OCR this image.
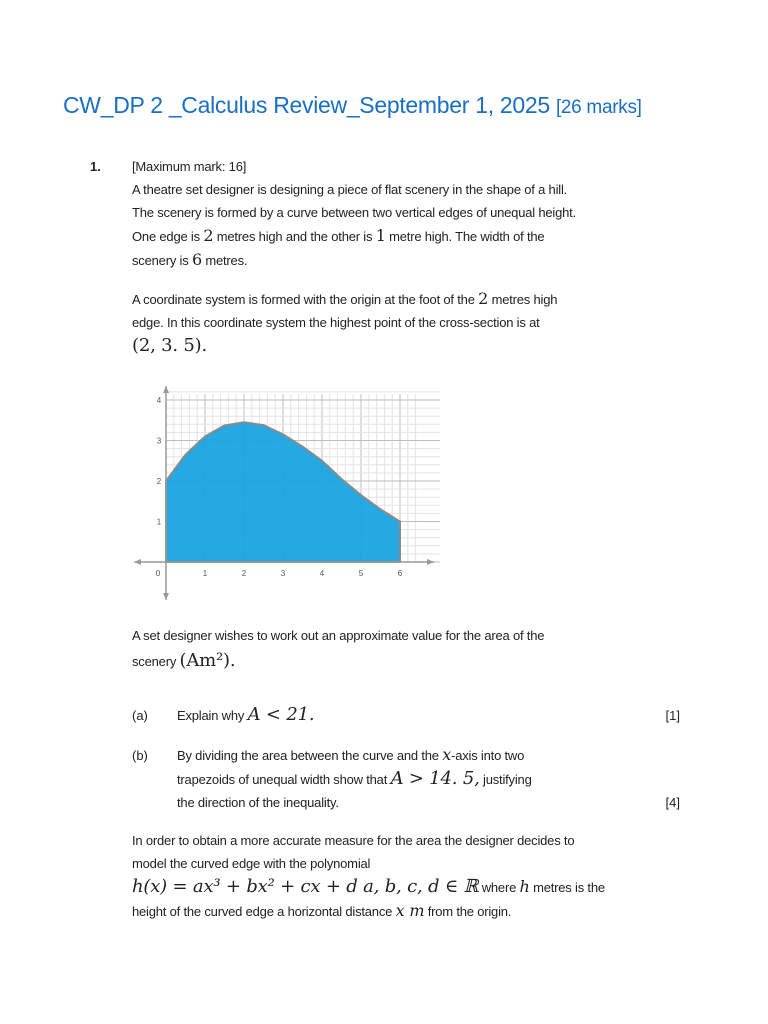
CW_DP 2 _Calculus Review_September 1, 2025 [26 marks]
1. [Maximum mark: 16]
A theatre set designer is designing a piece of flat scenery in the shape of a hill.
The scenery is formed by a curve between two vertical edges of unequal height.
One edge is 2 metres high and the other is 1 metre high. The width of the
scenery is 6 metres.
A coordinate system is formed with the origin at the foot of the 2 metres high
edge. In this coordinate system the highest point of the cross-section is at
(2, 3. 5).
0	1	2	3	4	5	6
1
2
3
4
A set designer wishes to work out an approximate value for the area of the
scenery (Am²).
(a) Explain why A < 21.	[1]
(b) By dividing the area between the curve and the x-axis into two
trapezoids of unequal width show that A > 14. 5, justifying
the direction of the inequality.	[4]
In order to obtain a more accurate measure for the area the designer decides to
model the curved edge with the polynomial
h(x) = ax³ + bx² + cx + d a, b, c, d ∈ ℝ where h metres is the
height of the curved edge a horizontal distance x m from the origin.
